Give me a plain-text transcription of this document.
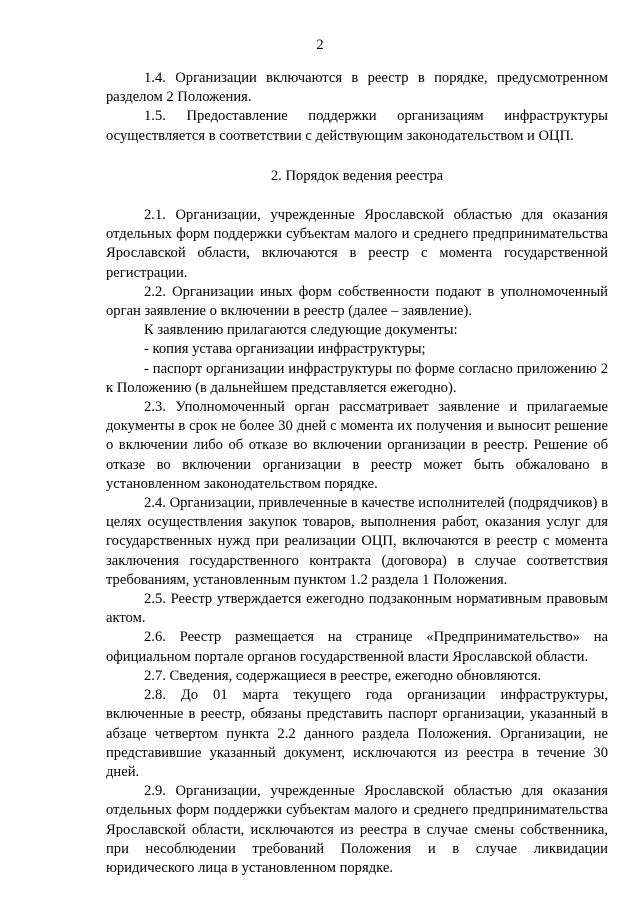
2

1.4. Организации включаются в реестр в порядке, предусмотренном разделом 2 Положения.

1.5. Предоставление поддержки организациям инфраструктуры осуществляется в соответствии с действующим законодательством и ОЦП.

2. Порядок ведения реестра

2.1. Организации, учрежденные Ярославской областью для оказания отдельных форм поддержки субъектам малого и среднего предпринимательства Ярославской области, включаются в реестр с момента государственной регистрации.

2.2. Организации иных форм собственности подают в уполномоченный орган заявление о включении в реестр (далее – заявление).

К заявлению прилагаются следующие документы:

- копия устава организации инфраструктуры;

- паспорт организации инфраструктуры по форме согласно приложению 2 к Положению (в дальнейшем представляется ежегодно).

2.3. Уполномоченный орган рассматривает заявление и прилагаемые документы в срок не более 30 дней с момента их получения и выносит решение о включении либо об отказе во включении организации в реестр. Решение об отказе во включении организации в реестр может быть обжаловано в установленном законодательством порядке.

2.4. Организации, привлеченные в качестве исполнителей (подрядчиков) в целях осуществления закупок товаров, выполнения работ, оказания услуг для государственных нужд при реализации ОЦП, включаются в реестр с момента заключения государственного контракта (договора) в случае соответствия требованиям, установленным пунктом 1.2 раздела 1 Положения.

2.5. Реестр утверждается ежегодно подзаконным нормативным правовым актом.

2.6. Реестр размещается на странице «Предпринимательство» на официальном портале органов государственной власти Ярославской области.

2.7. Сведения, содержащиеся в реестре, ежегодно обновляются.

2.8. До 01 марта текущего года организации инфраструктуры, включенные в реестр, обязаны представить паспорт организации, указанный в абзаце четвертом пункта 2.2 данного раздела Положения. Организации, не представившие указанный документ, исключаются из реестра в течение 30 дней.

2.9. Организации, учрежденные Ярославской областью для оказания отдельных форм поддержки субъектам малого и среднего предпринимательства Ярославской области, исключаются из реестра в случае смены собственника, при несоблюдении требований Положения и в случае ликвидации юридического лица в установленном порядке.
